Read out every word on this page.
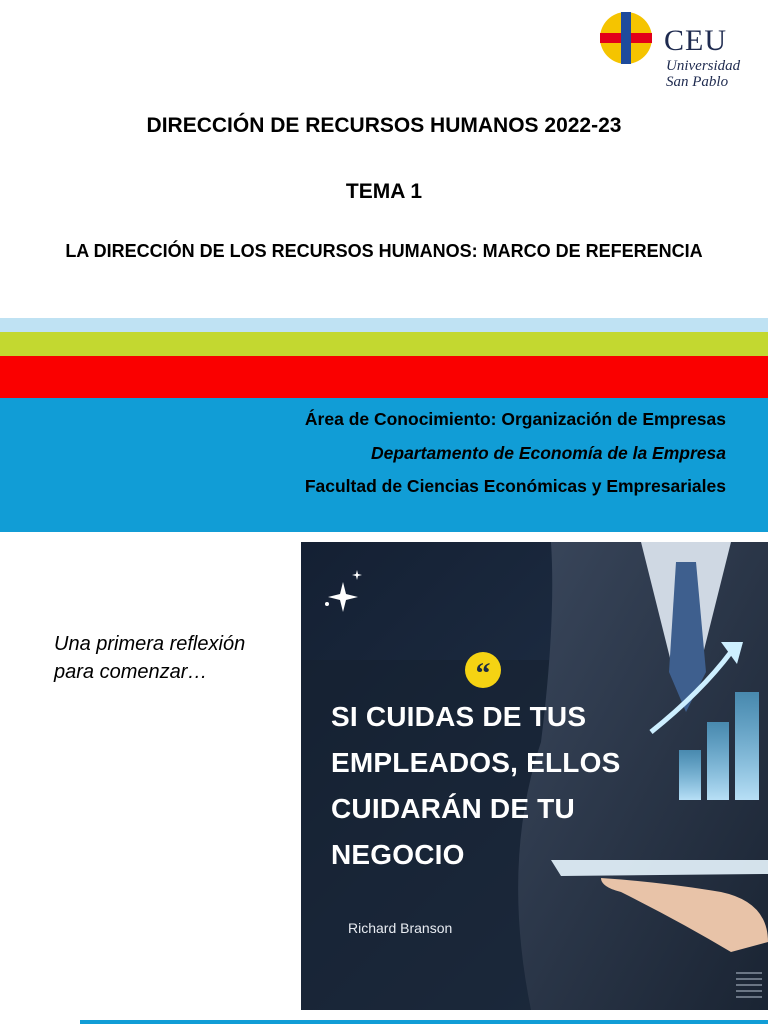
CEU
Universidad
San Pablo
DIRECCIÓN DE RECURSOS HUMANOS 2022-23
TEMA 1
LA DIRECCIÓN DE LOS RECURSOS HUMANOS: MARCO DE REFERENCIA
Área de Conocimiento: Organización de Empresas
Departamento de Economía de la Empresa
Facultad de Ciencias Económicas y Empresariales
Una primera reflexión para comenzar…	“
SI CUIDAS DE TUS
EMPLEADOS, ELLOS
CUIDARÁN DE TU
NEGOCIO
Richard Branson
